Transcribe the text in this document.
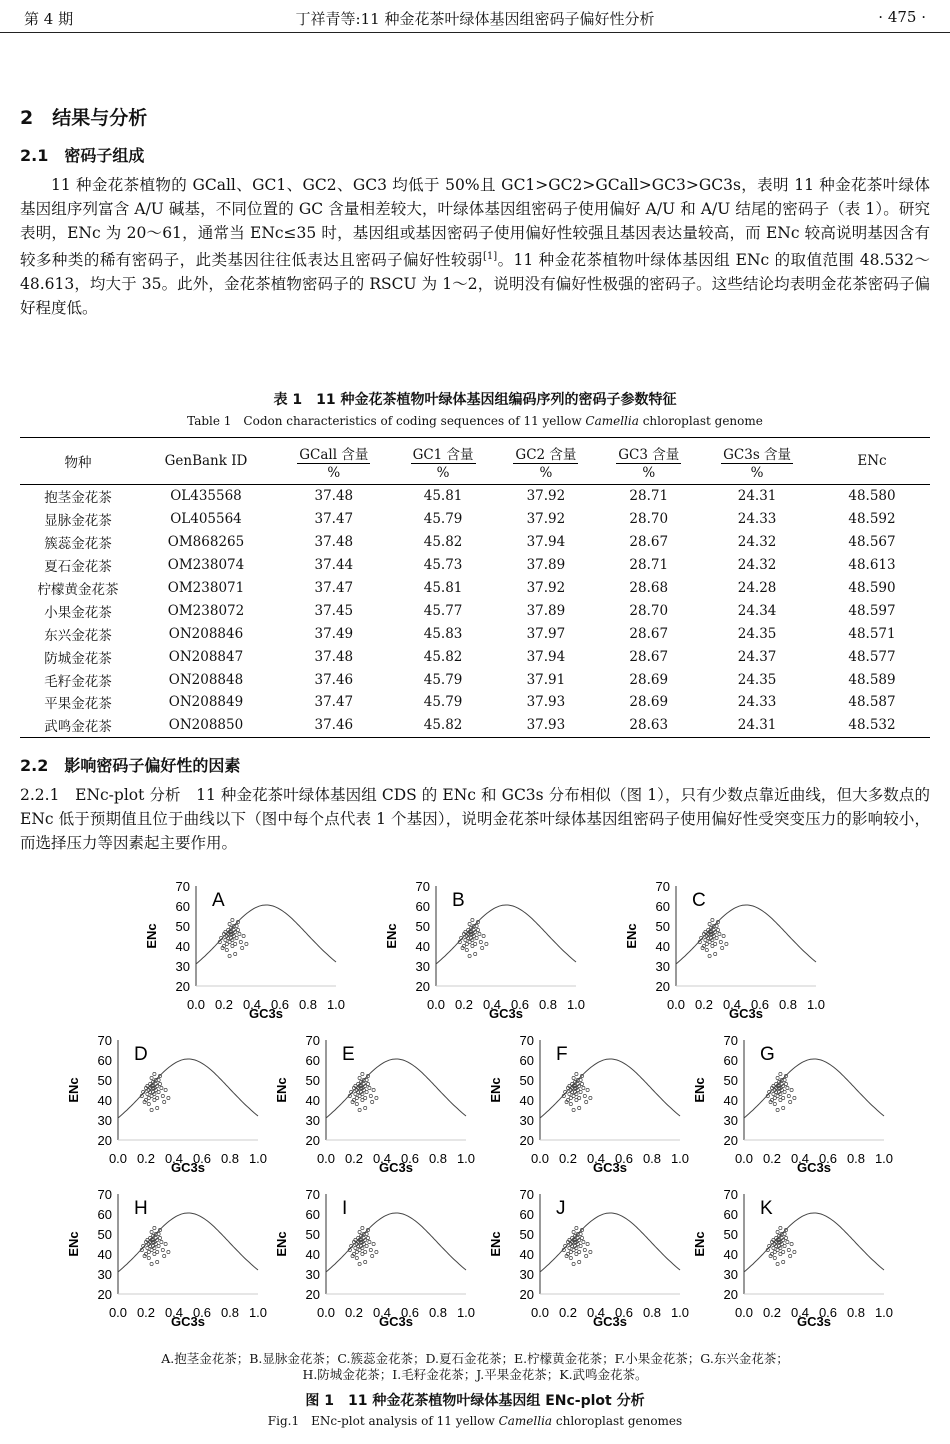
第 4 期	丁祥青等:11 种金花茶叶绿体基因组密码子偏好性分析	· 475 ·
2　结果与分析
2.1　密码子组成

11 种金花茶植物的 GCall、GC1、GC2、GC3 均低于 50%且 GC1>GC2>GCall>GC3>GC3s，表明 11 种金花茶叶绿体基因组序列富含 A/U 碱基，不同位置的 GC 含量相差较大，叶绿体基因组密码子使用偏好 A/U 和 A/U 结尾的密码子（表 1）。研究表明，ENc 为 20～61，通常当 ENc≤35 时，基因组或基因密码子使用偏好性较强且基因表达量较高，而 ENc 较高说明基因含有较多种类的稀有密码子，此类基因往往低表达且密码子偏好性较弱[1]。11 种金花茶植物叶绿体基因组 ENc 的取值范围 48.532～48.613，均大于 35。此外，金花茶植物密码子的 RSCU 为 1～2，说明没有偏好性极强的密码子。这些结论均表明金花茶密码子偏好程度低。

表 1　11 种金花茶植物叶绿体基因组编码序列的密码子参数特征
Table 1　Codon characteristics of coding sequences of 11 yellow Camellia chloroplast genome
物种	GenBank ID	GCall 含量	GC1 含量	GC2 含量	GC3 含量	GC3s 含量	ENc
		%	%	%	%	%	
抱茎金花茶	OL435568	37.48	45.81	37.92	28.71	24.31	48.580
显脉金花茶	OL405564	37.47	45.79	37.92	28.70	24.33	48.592
簇蕊金花茶	OM868265	37.48	45.82	37.94	28.67	24.32	48.567
夏石金花茶	OM238074	37.44	45.73	37.89	28.71	24.32	48.613
柠檬黄金花茶	OM238071	37.47	45.81	37.92	28.68	24.28	48.590
小果金花茶	OM238072	37.45	45.77	37.89	28.70	24.34	48.597
东兴金花茶	ON208846	37.49	45.83	37.97	28.67	24.35	48.571
防城金花茶	ON208847	37.48	45.82	37.94	28.67	24.37	48.577
毛籽金花茶	ON208848	37.46	45.79	37.91	28.69	24.35	48.589
平果金花茶	ON208849	37.47	45.79	37.93	28.69	24.33	48.587
武鸣金花茶	ON208850	37.46	45.82	37.93	28.63	24.31	48.532
2.2　影响密码子偏好性的因素

2.2.1　ENc-plot 分析　11 种金花茶叶绿体基因组 CDS 的 ENc 和 GC3s 分布相似（图 1），只有少数点靠近曲线，但大多数点的 ENc 低于预期值且位于曲线以下（图中每个点代表 1 个基因），说明金花茶叶绿体基因组密码子使用偏好性受突变压力的影响较小，而选择压力等因素起主要作用。

20
30
40
50
60
70
0.0 0.2 0.4 0.6 0.8 1.0
ENc
GC3s
A
20
30
40
50
60
70
0.0 0.2 0.4 0.6 0.8 1.0
ENc
GC3s
B
20
30
40
50
60
70
0.0 0.2 0.4 0.6 0.8 1.0
ENc
GC3s
C
20
30
40
50
60
70
0.0 0.2 0.4 0.6 0.8 1.0
ENc
GC3s
D
20
30
40
50
60
70
0.0 0.2 0.4 0.6 0.8 1.0
ENc
GC3s
E
20
30
40
50
60
70
0.0 0.2 0.4 0.6 0.8 1.0
ENc
GC3s
F
20
30
40
50
60
70
0.0 0.2 0.4 0.6 0.8 1.0
ENc
GC3s
G
20
30
40
50
60
70
0.0 0.2 0.4 0.6 0.8 1.0
ENc
GC3s
H
20
30
40
50
60
70
0.0 0.2 0.4 0.6 0.8 1.0
ENc
GC3s
I
20
30
40
50
60
70
0.0 0.2 0.4 0.6 0.8 1.0
ENc
GC3s
J
20
30
40
50
60
70
0.0 0.2 0.4 0.6 0.8 1.0
ENc
GC3s
K
A.抱茎金花茶；B.显脉金花茶；C.簇蕊金花茶；D.夏石金花茶；E.柠檬黄金花茶；F.小果金花茶；G.东兴金花茶；
H.防城金花茶；I.毛籽金花茶；J.平果金花茶；K.武鸣金花茶。
图 1　11 种金花茶植物叶绿体基因组 ENc-plot 分析
Fig.1　ENc-plot analysis of 11 yellow Camellia chloroplast genomes
